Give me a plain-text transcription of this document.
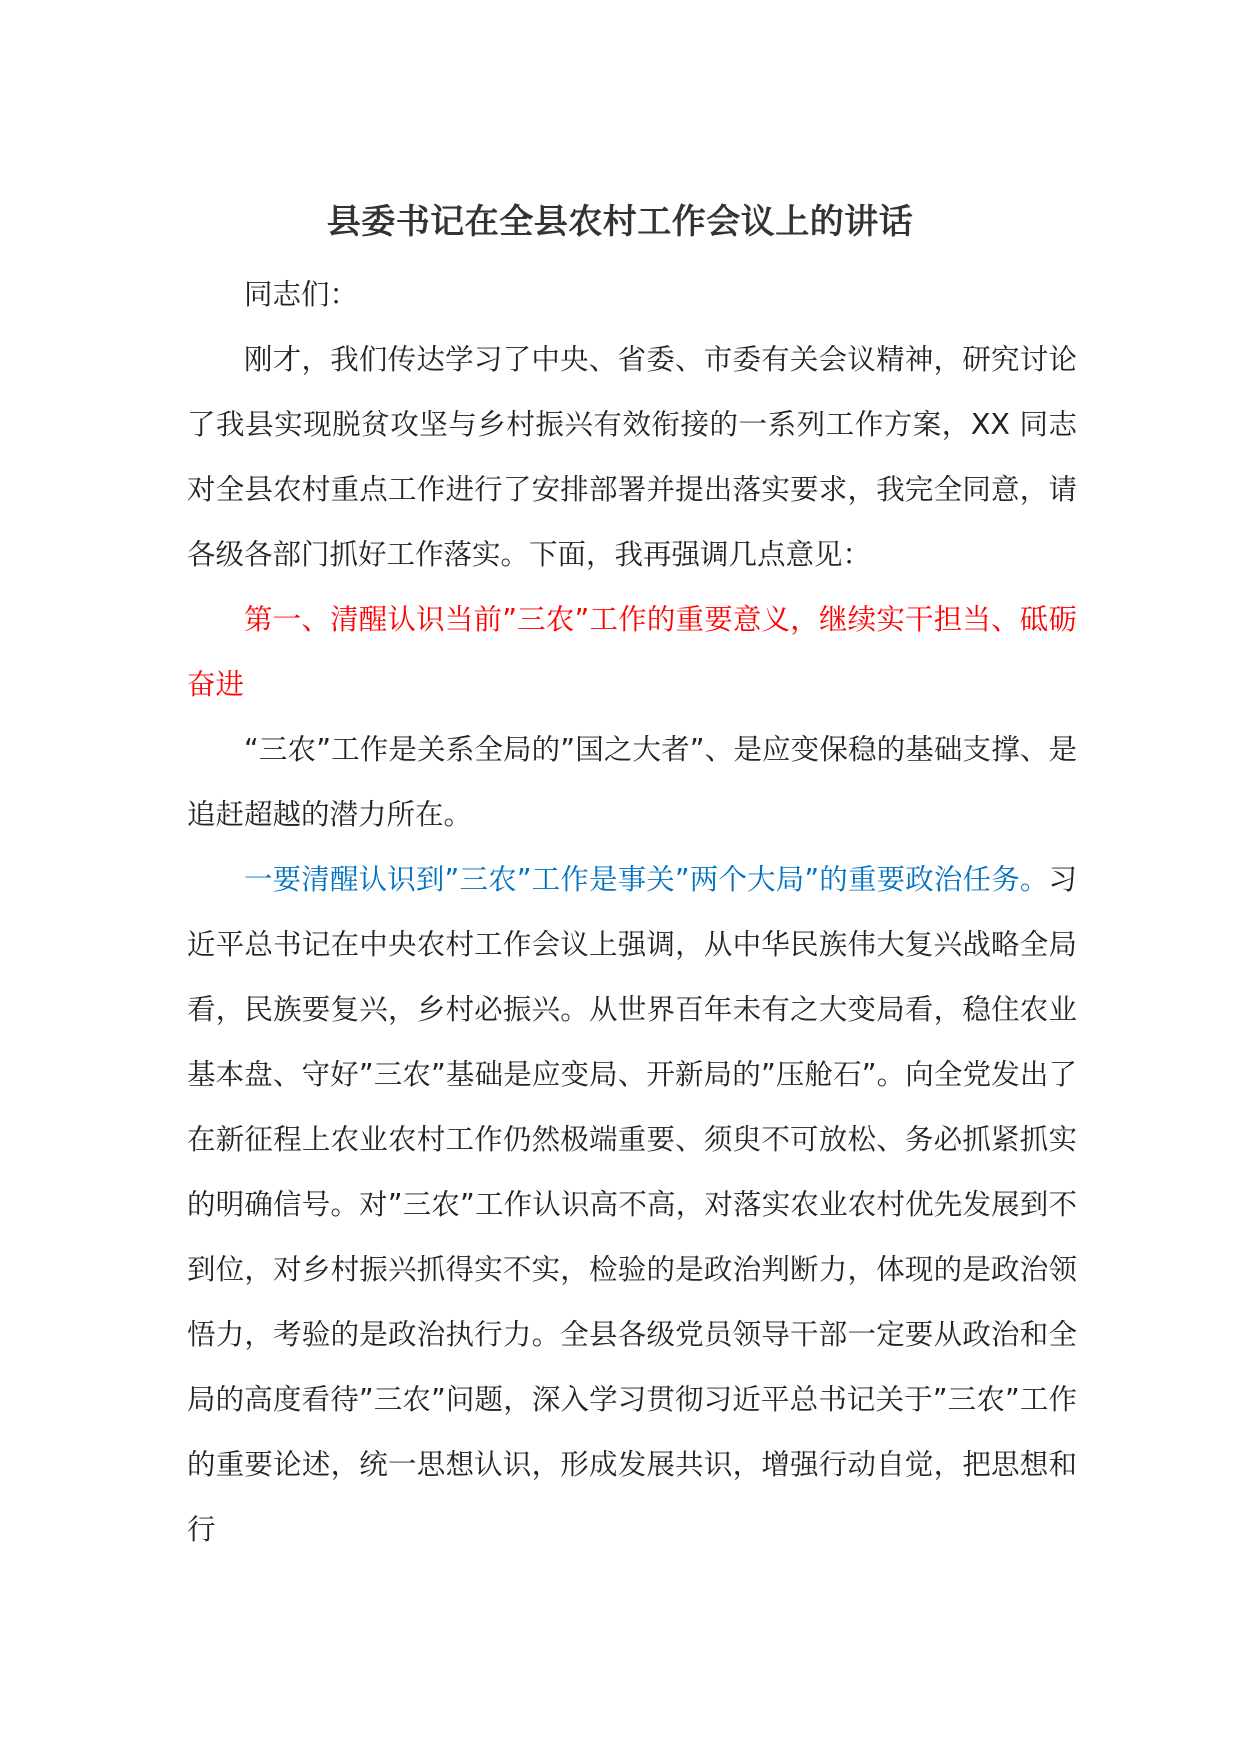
县委书记在全县农村工作会议上的讲话

同志们：

刚才，我们传达学习了中央、省委、市委有关会议精神，研究讨论了我县实现脱贫攻坚与乡村振兴有效衔接的一系列工作方案，XX 同志对全县农村重点工作进行了安排部署并提出落实要求，我完全同意，请各级各部门抓好工作落实。下面，我再强调几点意见：

第一、清醒认识当前”三农”工作的重要意义，继续实干担当、砥砺奋进

“三农”工作是关系全局的”国之大者”、是应变保稳的基础支撑、是追赶超越的潜力所在。

一要清醒认识到”三农”工作是事关”两个大局”的重要政治任务。习近平总书记在中央农村工作会议上强调，从中华民族伟大复兴战略全局看，民族要复兴，乡村必振兴。从世界百年未有之大变局看，稳住农业基本盘、守好”三农”基础是应变局、开新局的”压舱石”。向全党发出了在新征程上农业农村工作仍然极端重要、须臾不可放松、务必抓紧抓实的明确信号。对”三农”工作认识高不高，对落实农业农村优先发展到不到位，对乡村振兴抓得实不实，检验的是政治判断力，体现的是政治领悟力，考验的是政治执行力。全县各级党员领导干部一定要从政治和全局的高度看待”三农”问题，深入学习贯彻习近平总书记关于”三农”工作的重要论述，统一思想认识，形成发展共识，增强行动自觉，把思想和行
